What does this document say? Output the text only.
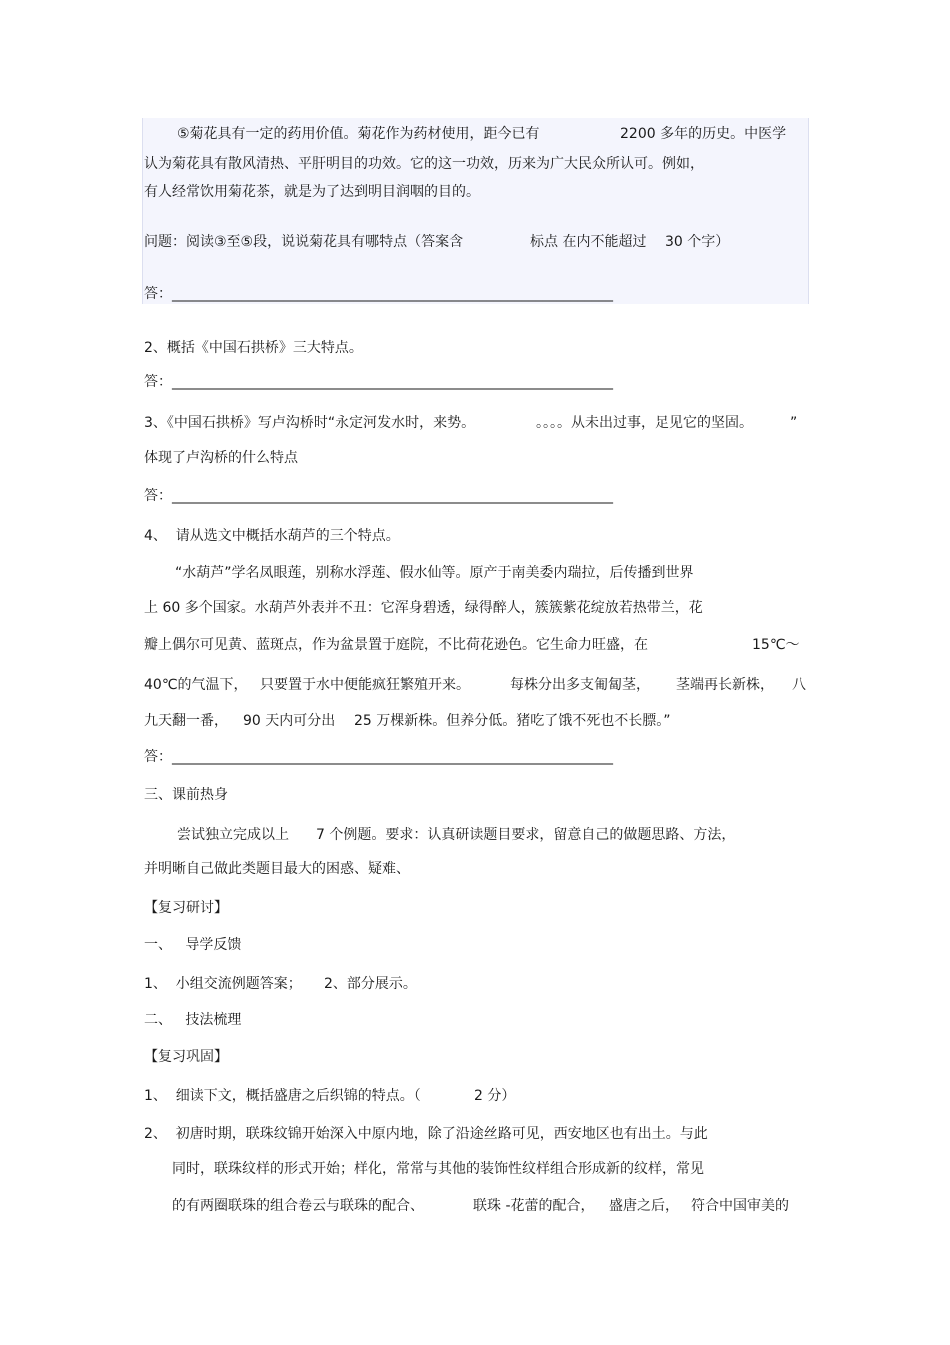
⑤菊花具有一定的药用价值。菊花作为药材使用，距今已有	2200 多年的历史。中医学
认为菊花具有散风清热、平肝明目的功效。它的这一功效，历来为广大民众所认可。例如，
有人经常饮用菊花茶，就是为了达到明目润咽的目的。
问题：阅读③至⑤段，说说菊花具有哪特点（答案含	标点 在内不能超过 30 个字）
答：_______________________________________________________________
2、概括《中国石拱桥》三大特点。
答：_______________________________________________________________
3、《中国石拱桥》写卢沟桥时“永定河发水时，来势。	。。。。从未出过事，足见它的坚固。	”
体现了卢沟桥的什么特点
答：_______________________________________________________________
4、  请从选文中概括水葫芦的三个特点。
“水葫芦”学名凤眼莲，别称水浮莲、假水仙等。原产于南美委内瑞拉，后传播到世界
上 60 多个国家。水葫芦外表并不丑：它浑身碧透，绿得醉人，簇簇紫花绽放若热带兰，花
瓣上偶尔可见黄、蓝斑点，作为盆景置于庭院，不比荷花逊色。它生命力旺盛，在	15℃～
40℃的气温下， 只要置于水中便能疯狂繁殖开来。	每株分出多支匍匐茎， 茎端再长新株， 八
九天翻一番， 90 天内可分出 25 万棵新株。但养分低。猪吃了饿不死也不长膘。”
答：_______________________________________________________________
三、课前热身
尝试独立完成以上 7 个例题。要求：认真研读题目要求，留意自己的做题思路、方法，
并明晰自己做此类题目最大的困惑、疑难、
【复习研讨】
一、   导学反馈
1、  小组交流例题答案； 2、部分展示。
二、   技法梳理
【复习巩固】
1、  细读下文，概括盛唐之后织锦的特点。（	2 分）
2、  初唐时期，联珠纹锦开始深入中原内地，除了沿途丝路可见，西安地区也有出土。与此
同时，联珠纹样的形式开始；样化，常常与其他的装饰性纹样组合形成新的纹样，常见
的有两圈联珠的组合卷云与联珠的配合、	联珠 -花蕾的配合， 盛唐之后， 符合中国审美的
